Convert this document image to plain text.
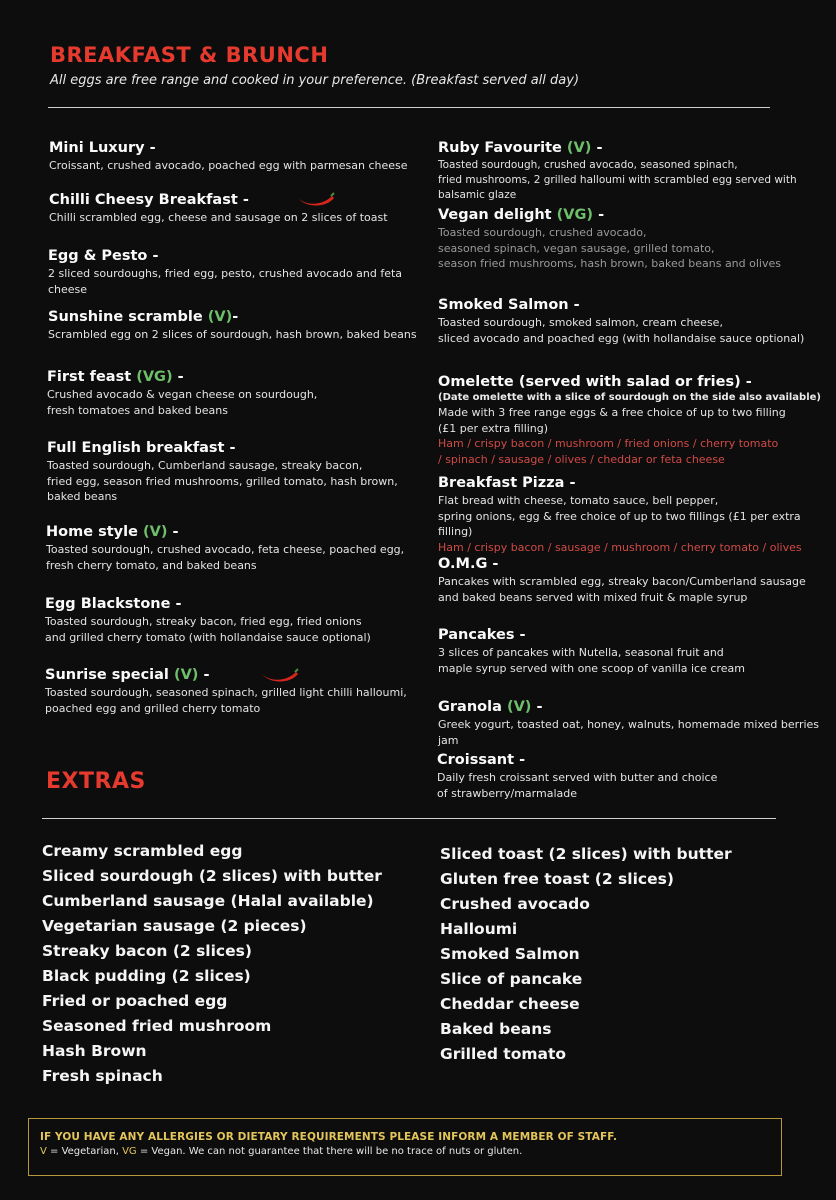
BREAKFAST & BRUNCH
All eggs are free range and cooked in your preference. (Breakfast served all day)
Mini Luxury -
Croissant, crushed avocado, poached egg with parmesan cheese
Chilli Cheesy Breakfast -
Chilli scrambled egg, cheese and sausage on 2 slices of toast
Egg & Pesto -
2 sliced sourdoughs, fried egg, pesto, crushed avocado and feta cheese
Sunshine scramble (V)-
Scrambled egg on 2 slices of sourdough, hash brown, baked beans
First feast (VG) -
Crushed avocado & vegan cheese on sourdough,
fresh tomatoes and baked beans
Full English breakfast -
Toasted sourdough, Cumberland sausage, streaky bacon,
fried egg, season fried mushrooms, grilled tomato, hash brown,
baked beans
Home style (V) -
Toasted sourdough, crushed avocado, feta cheese, poached egg,
fresh cherry tomato, and baked beans
Egg Blackstone -
Toasted sourdough, streaky bacon, fried egg, fried onions
and grilled cherry tomato (with hollandaise sauce optional)
Sunrise special (V) -
Toasted sourdough, seasoned spinach, grilled light chilli halloumi,
poached egg and grilled cherry tomato
Ruby Favourite (V) -
Toasted sourdough, crushed avocado, seasoned spinach,
fried mushrooms, 2 grilled halloumi with scrambled egg served with balsamic glaze
Vegan delight (VG) -
Toasted sourdough, crushed avocado,
seasoned spinach, vegan sausage, grilled tomato,
season fried mushrooms, hash brown, baked beans and olives
Smoked Salmon -
Toasted sourdough, smoked salmon, cream cheese,
sliced avocado and poached egg (with hollandaise sauce optional)
Omelette (served with salad or fries) -
(Date omelette with a slice of sourdough on the side also available)
Made with 3 free range eggs & a free choice of up to two filling
(£1 per extra filling)
Ham / crispy bacon / mushroom / fried onions / cherry tomato
/ spinach / sausage / olives / cheddar or feta cheese
Breakfast Pizza -
Flat bread with cheese, tomato sauce, bell pepper,
spring onions, egg & free choice of up to two fillings (£1 per extra filling)
Ham / crispy bacon / sausage / mushroom / cherry tomato / olives
O.M.G -
Pancakes with scrambled egg, streaky bacon/Cumberland sausage
and baked beans served with mixed fruit & maple syrup
Pancakes -
3 slices of pancakes with Nutella, seasonal fruit and
maple syrup served with one scoop of vanilla ice cream
Granola (V) -
Greek yogurt, toasted oat, honey, walnuts, homemade mixed berries jam
Croissant -
Daily fresh croissant served with butter and choice
of strawberry/marmalade
EXTRAS
Creamy scrambled egg
Sliced sourdough (2 slices) with butter
Cumberland sausage (Halal available)
Vegetarian sausage (2 pieces)
Streaky bacon (2 slices)
Black pudding (2 slices)
Fried or poached egg
Seasoned fried mushroom
Hash Brown
Fresh spinach
Sliced toast (2 slices) with butter
Gluten free toast (2 slices)
Crushed avocado
Halloumi
Smoked Salmon
Slice of pancake
Cheddar cheese
Baked beans
Grilled tomato
IF YOU HAVE ANY ALLERGIES OR DIETARY REQUIREMENTS PLEASE INFORM A MEMBER OF STAFF.
V = Vegetarian, VG = Vegan. We can not guarantee that there will be no trace of nuts or gluten.
